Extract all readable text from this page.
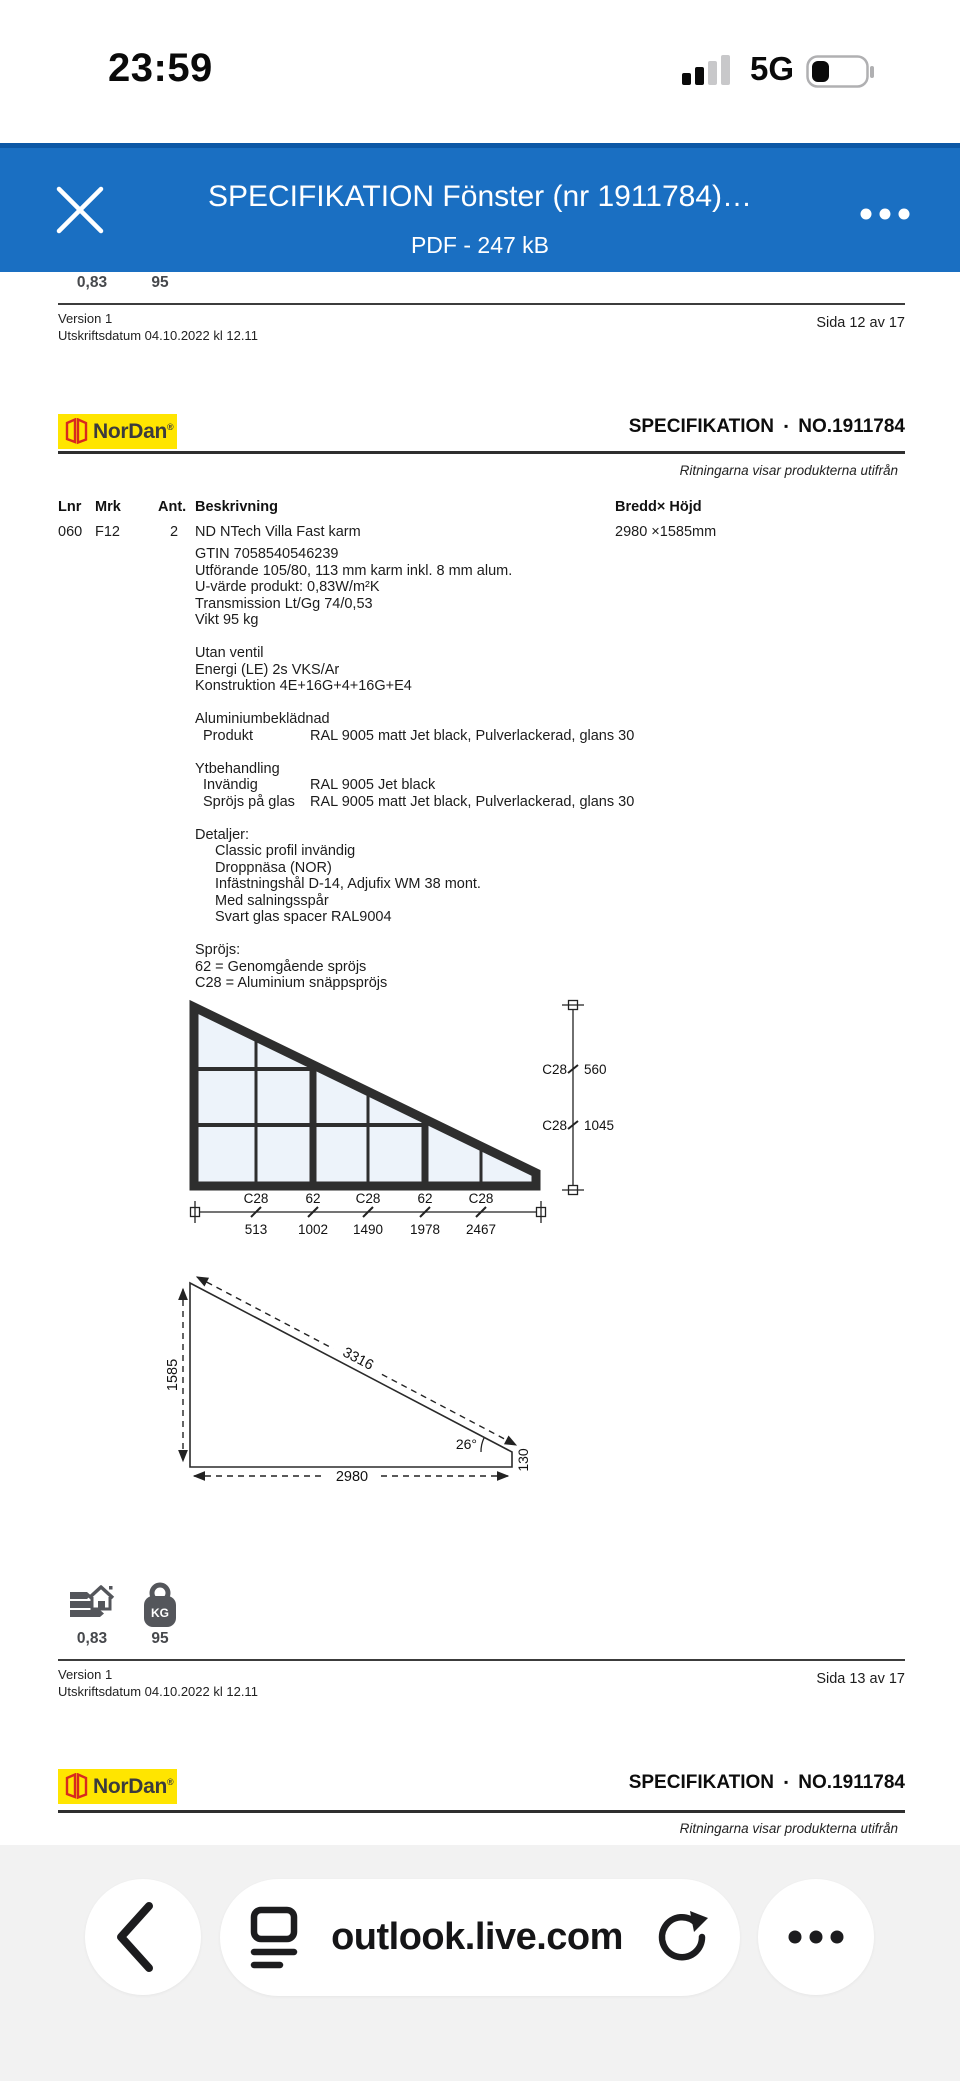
23:59	5G
SPECIFIKATION Fönster (nr 1911784)…
PDF - 247 kB
0,83	95
Version 1
Utskriftsdatum 04.10.2022 kl 12.11
Sida 12 av 17
NorDan®	SPECIFIKATION ▪ NO.1911784
Ritningarna visar produkterna utifrån
Lnr Mrk	Ant. Beskrivning	Bredd× Höjd
060 F12	2 ND NTech Villa Fast karm	2980 ×1585mm
GTIN 7058540546239
Utförande 105/80, 113 mm karm inkl. 8 mm alum.
U-värde produkt: 0,83W/m²K
Transmission Lt/Gg 74/0,53
Vikt 95 kg
Utan ventil
Energi (LE) 2s VKS/Ar
Konstruktion 4E+16G+4+16G+E4
Aluminiumbeklädnad
Produkt	RAL 9005 matt Jet black, Pulverlackerad, glans 30
Ytbehandling
Invändig	RAL 9005 Jet black
Spröjs på glas RAL 9005 matt Jet black, Pulverlackerad, glans 30
Detaljer:
Classic profil invändig
Droppnäsa (NOR)
Infästningshål D-14, Adjufix WM 38 mont.
Med salningsspår
Svart glas spacer RAL9004
Spröjs:
62 = Genomgående spröjs
C28 = Aluminium snäppspröjs
C28 560
C28 1045
C28	62	C28	62	C28
513 1002 1490 1978 2467
1585	3316
2980
26°
130
KG
0,83	95
Version 1
Utskriftsdatum 04.10.2022 kl 12.11
Sida 13 av 17
NorDan®	SPECIFIKATION ▪ NO.1911784
Ritningarna visar produkterna utifrån
outlook.live.com
